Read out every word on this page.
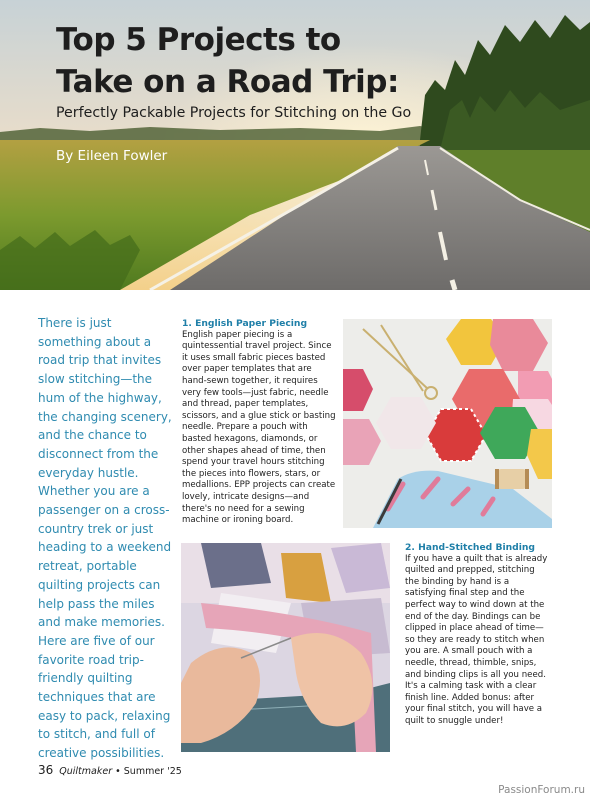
Top 5 Projects to
Take on a Road Trip:
Perfectly Packable Projects for Stitching on the Go
By Eileen Fowler

There is just something about a road trip that invites slow stitching—the hum of the highway, the changing scenery, and the chance to disconnect from the everyday hustle. Whether you are a passenger on a cross-country trek or just heading to a weekend retreat, portable quilting projects can help pass the miles and make memories. Here are five of our favorite road trip-friendly quilting techniques that are easy to pack, relaxing to stitch, and full of creative possibilities.

1. English Paper Piecing

English paper piecing is a quintessential travel project. Since it uses small fabric pieces basted over paper templates that are hand-sewn together, it requires very few tools—just fabric, needle and thread, paper templates, scissors, and a glue stick or basting needle. Prepare a pouch with basted hexagons, diamonds, or other shapes ahead of time, then spend your travel hours stitching the pieces into flowers, stars, or medallions. EPP projects can create lovely, intricate designs—and there's no need for a sewing machine or ironing board.

2. Hand-Stitched Binding

If you have a quilt that is already quilted and prepped, stitching the binding by hand is a satisfying final step and the perfect way to wind down at the end of the day. Bindings can be clipped in place ahead of time—so they are ready to stitch when you are. A small pouch with a needle, thread, thimble, snips, and binding clips is all you need. It's a calming task with a clear finish line. Added bonus: after your final stitch, you will have a quilt to snuggle under!

36 Quiltmaker • Summer '25
PassionForum.ru
